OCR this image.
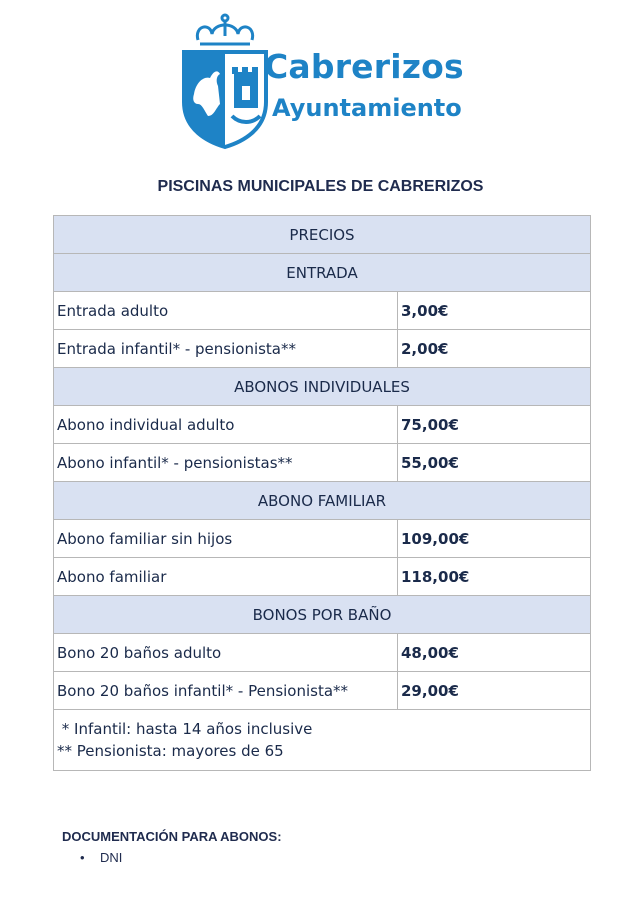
Cabrerizos
Ayuntamiento
PISCINAS MUNICIPALES DE CABRERIZOS
PRECIOS	
ENTRADA	
Entrada adulto	3,00€
Entrada infantil* - pensionista**	2,00€
ABONOS INDIVIDUALES	
Abono individual adulto	75,00€
Abono infantil* - pensionistas**	55,00€
ABONO FAMILIAR	
Abono familiar sin hijos	109,00€
Abono familiar	118,00€
BONOS POR BAÑO	
Bono 20 baños adulto	48,00€
Bono 20 baños infantil* - Pensionista**	29,00€

* Infantil: hasta 14 años inclusive
** Pensionista: mayores de 65	
DOCUMENTACIÓN PARA ABONOS:
• DNI
